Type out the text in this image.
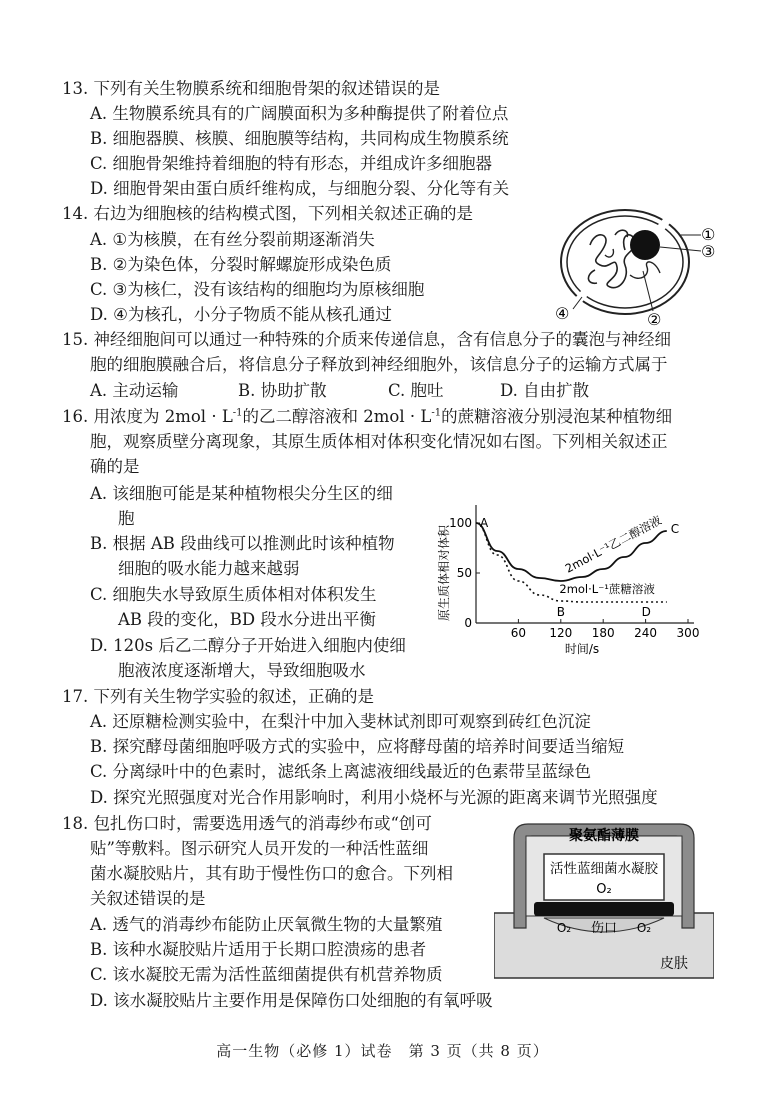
13. 下列有关生物膜系统和细胞骨架的叙述错误的是
A. 生物膜系统具有的广阔膜面积为多种酶提供了附着位点
B. 细胞器膜、核膜、细胞膜等结构，共同构成生物膜系统
C. 细胞骨架维持着细胞的特有形态，并组成许多细胞器
D. 细胞骨架由蛋白质纤维构成，与细胞分裂、分化等有关
14. 右边为细胞核的结构模式图，下列相关叙述正确的是
A. ①为核膜，在有丝分裂前期逐渐消失
B. ②为染色体，分裂时解螺旋形成染色质
C. ③为核仁，没有该结构的细胞均为原核细胞
D. ④为核孔，小分子物质不能从核孔通过
①
③
④	②
15. 神经细胞间可以通过一种特殊的介质来传递信息，含有信息分子的囊泡与神经细
胞的细胞膜融合后，将信息分子释放到神经细胞外，该信息分子的运输方式属于
A. 主动运输	B. 协助扩散	C. 胞吐	D. 自由扩散
16. 用浓度为 $2mol \cdot L^{-1}$的乙二醇溶液和 $2mol \cdot L^{-1}$的蔗糖溶液分别浸泡某种植物细
胞，观察质壁分离现象，其原生质体相对体积变化情况如右图。下列相关叙述正
确的是
A. 该细胞可能是某种植物根尖分生区的细
胞
B. 根据 AB 段曲线可以推测此时该种植物
细胞的吸水能力越来越弱
C. 细胞失水导致原生质体相对体积发生
AB 段的变化，BD 段水分进出平衡
D. 120s 后乙二醇分子开始进入细胞内使细
胞液浓度逐渐增大，导致细胞吸水
60 120 180 240 300
0
50
100
时间/s
原生质体相对体积	2mol·L⁻¹乙二醇溶液
2mol·L⁻¹蔗糖溶液
A
B
C
D
17. 下列有关生物学实验的叙述，正确的是
A. 还原糖检测实验中，在梨汁中加入斐林试剂即可观察到砖红色沉淀
B. 探究酵母菌细胞呼吸方式的实验中，应将酵母菌的培养时间要适当缩短
C. 分离绿叶中的色素时，滤纸条上离滤液细线最近的色素带呈蓝绿色
D. 探究光照强度对光合作用影响时，利用小烧杯与光源的距离来调节光照强度
18. 包扎伤口时，需要选用透气的消毒纱布或“创可
贴”等敷料。图示研究人员开发的一种活性蓝细
菌水凝胶贴片，其有助于慢性伤口的愈合。下列相
关叙述错误的是
A. 透气的消毒纱布能防止厌氧微生物的大量繁殖
B. 该种水凝胶贴片适用于长期口腔溃疡的患者
C. 该水凝胶无需为活性蓝细菌提供有机营养物质
D. 该水凝胶贴片主要作用是保障伤口处细胞的有氧呼吸
聚氨酯薄膜
活性蓝细菌水凝胶
O₂
O₂ 伤口 O₂
皮肤
高一生物（必修 1）试卷　第 3 页（共 8 页）
